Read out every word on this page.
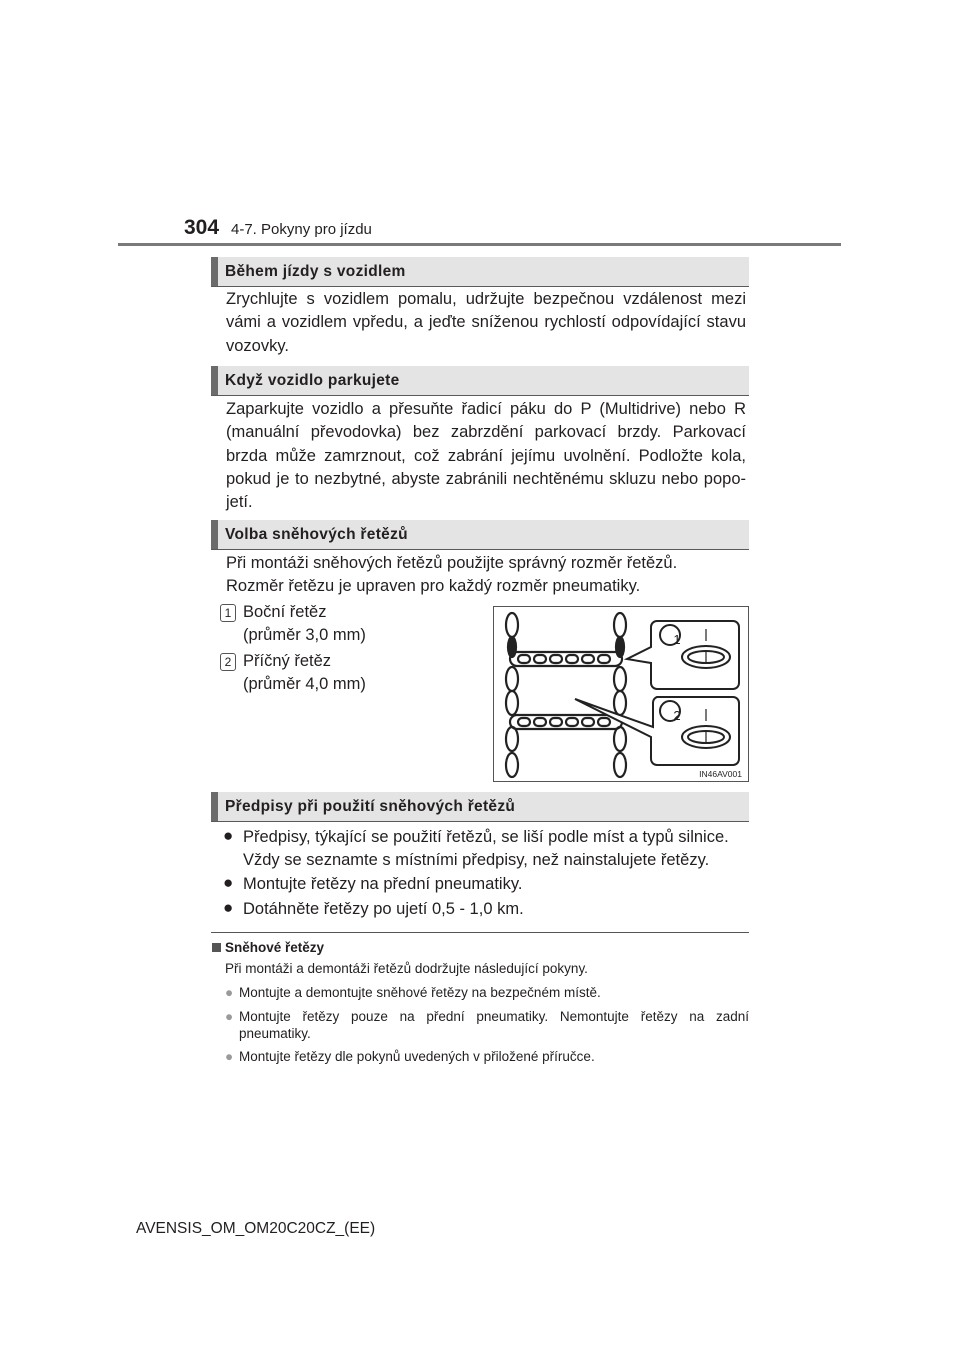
304 4-7. Pokyny pro jízdu
Během jízdy s vozidlem
Zrychlujte s vozidlem pomalu, udržujte bezpečnou vzdálenost mezi vámi a vozidlem vpředu, a jeďte sníženou rychlostí odpovídající stavu vozovky.
Když vozidlo parkujete
Zaparkujte vozidlo a přesuňte řadicí páku do P (Multidrive) nebo R (manuální převodovka) bez zabrzdění parkovací brzdy. Parkovací brzda může zamrznout, což zabrání jejímu uvolnění. Podložte kola, pokud je to nezbytné, abyste zabránili nechtěnému skluzu nebo popo-jetí.
Volba sněhových řetězů
Při montáži sněhových řetězů použijte správný rozměr řetězů.
Rozměr řetězu je upraven pro každý rozměr pneumatiky.
1 Boční řetěz
(průměr 3,0 mm)
2 Příčný řetěz
(průměr 4,0 mm)
1
2
IN46AV001
Předpisy při použití sněhových řetězů
● Předpisy, týkající se použití řetězů, se liší podle míst a typů silnice.
Vždy se seznamte s místními předpisy, než nainstalujete řetězy.
● Montujte řetězy na přední pneumatiky.
● Dotáhněte řetězy po ujetí 0,5 - 1,0 km.
Sněhové řetězy
Při montáži a demontáži řetězů dodržujte následující pokyny.
● Montujte a demontujte sněhové řetězy na bezpečném místě.
● Montujte řetězy pouze na přední pneumatiky. Nemontujte řetězy na zadní
pneumatiky.
● Montujte řetězy dle pokynů uvedených v přiložené příručce.
AVENSIS_OM_OM20C20CZ_(EE)
